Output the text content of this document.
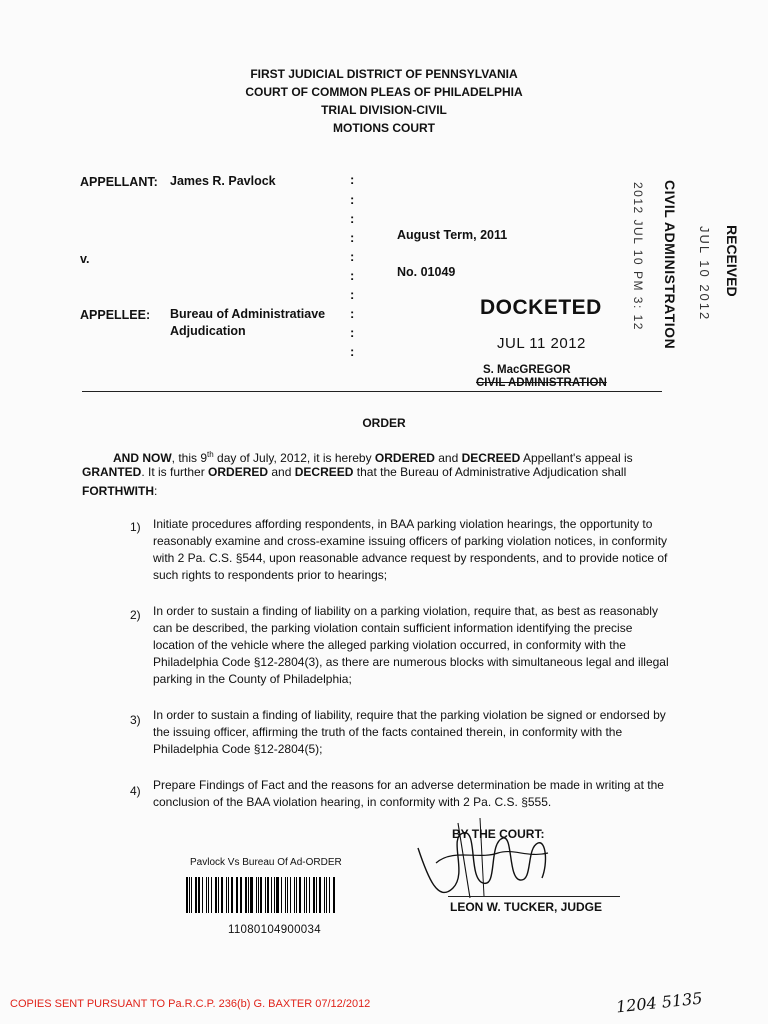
FIRST JUDICIAL DISTRICT OF PENNSYLVANIA
COURT OF COMMON PLEAS OF PHILADELPHIA
TRIAL DIVISION-CIVIL
MOTIONS COURT
APPELLANT: James R. Pavlock
v.
APPELLEE: Bureau of Administratiave
Adjudication
:
:
:
:
:
:
:
:
:
:
August Term, 2011
No. 01049
DOCKETED
JUL 11 2012
S. MacGREGOR
CIVIL ADMINISTRATION
RECEIVED
JUL 10 2012
CIVIL ADMINISTRATION
2012 JUL 10 PM 3: 12
ORDER
AND NOW, this 9th day of July, 2012, it is hereby ORDERED and DECREED Appellant's appeal is
GRANTED. It is further ORDERED and DECREED that the Bureau of Administrative Adjudication shall
FORTHWITH:
1) Initiate procedures affording respondents, in BAA parking violation hearings, the opportunity to
reasonably examine and cross-examine issuing officers of parking violation notices, in conformity
with 2 Pa. C.S. §544, upon reasonable advance request by respondents, and to provide notice of
such rights to respondents prior to hearings;
2) In order to sustain a finding of liability on a parking violation, require that, as best as reasonably
can be described, the parking violation contain sufficient information identifying the precise
location of the vehicle where the alleged parking violation occurred, in conformity with the
Philadelphia Code §12-2804(3), as there are numerous blocks with simultaneous legal and illegal
parking in the County of Philadelphia;
3) In order to sustain a finding of liability, require that the parking violation be signed or endorsed by
the issuing officer, affirming the truth of the facts contained therein, in conformity with the
Philadelphia Code §12-2804(5);
4) Prepare Findings of Fact and the reasons for an adverse determination be made in writing at the
conclusion of the BAA violation hearing, in conformity with 2 Pa. C.S. §555.
BY THE COURT:
LEON W. TUCKER, JUDGE
Pavlock Vs Bureau Of Ad-ORDER
11080104900034
COPIES SENT PURSUANT TO Pa.R.C.P. 236(b) G. BAXTER 07/12/2012	1204 5135
